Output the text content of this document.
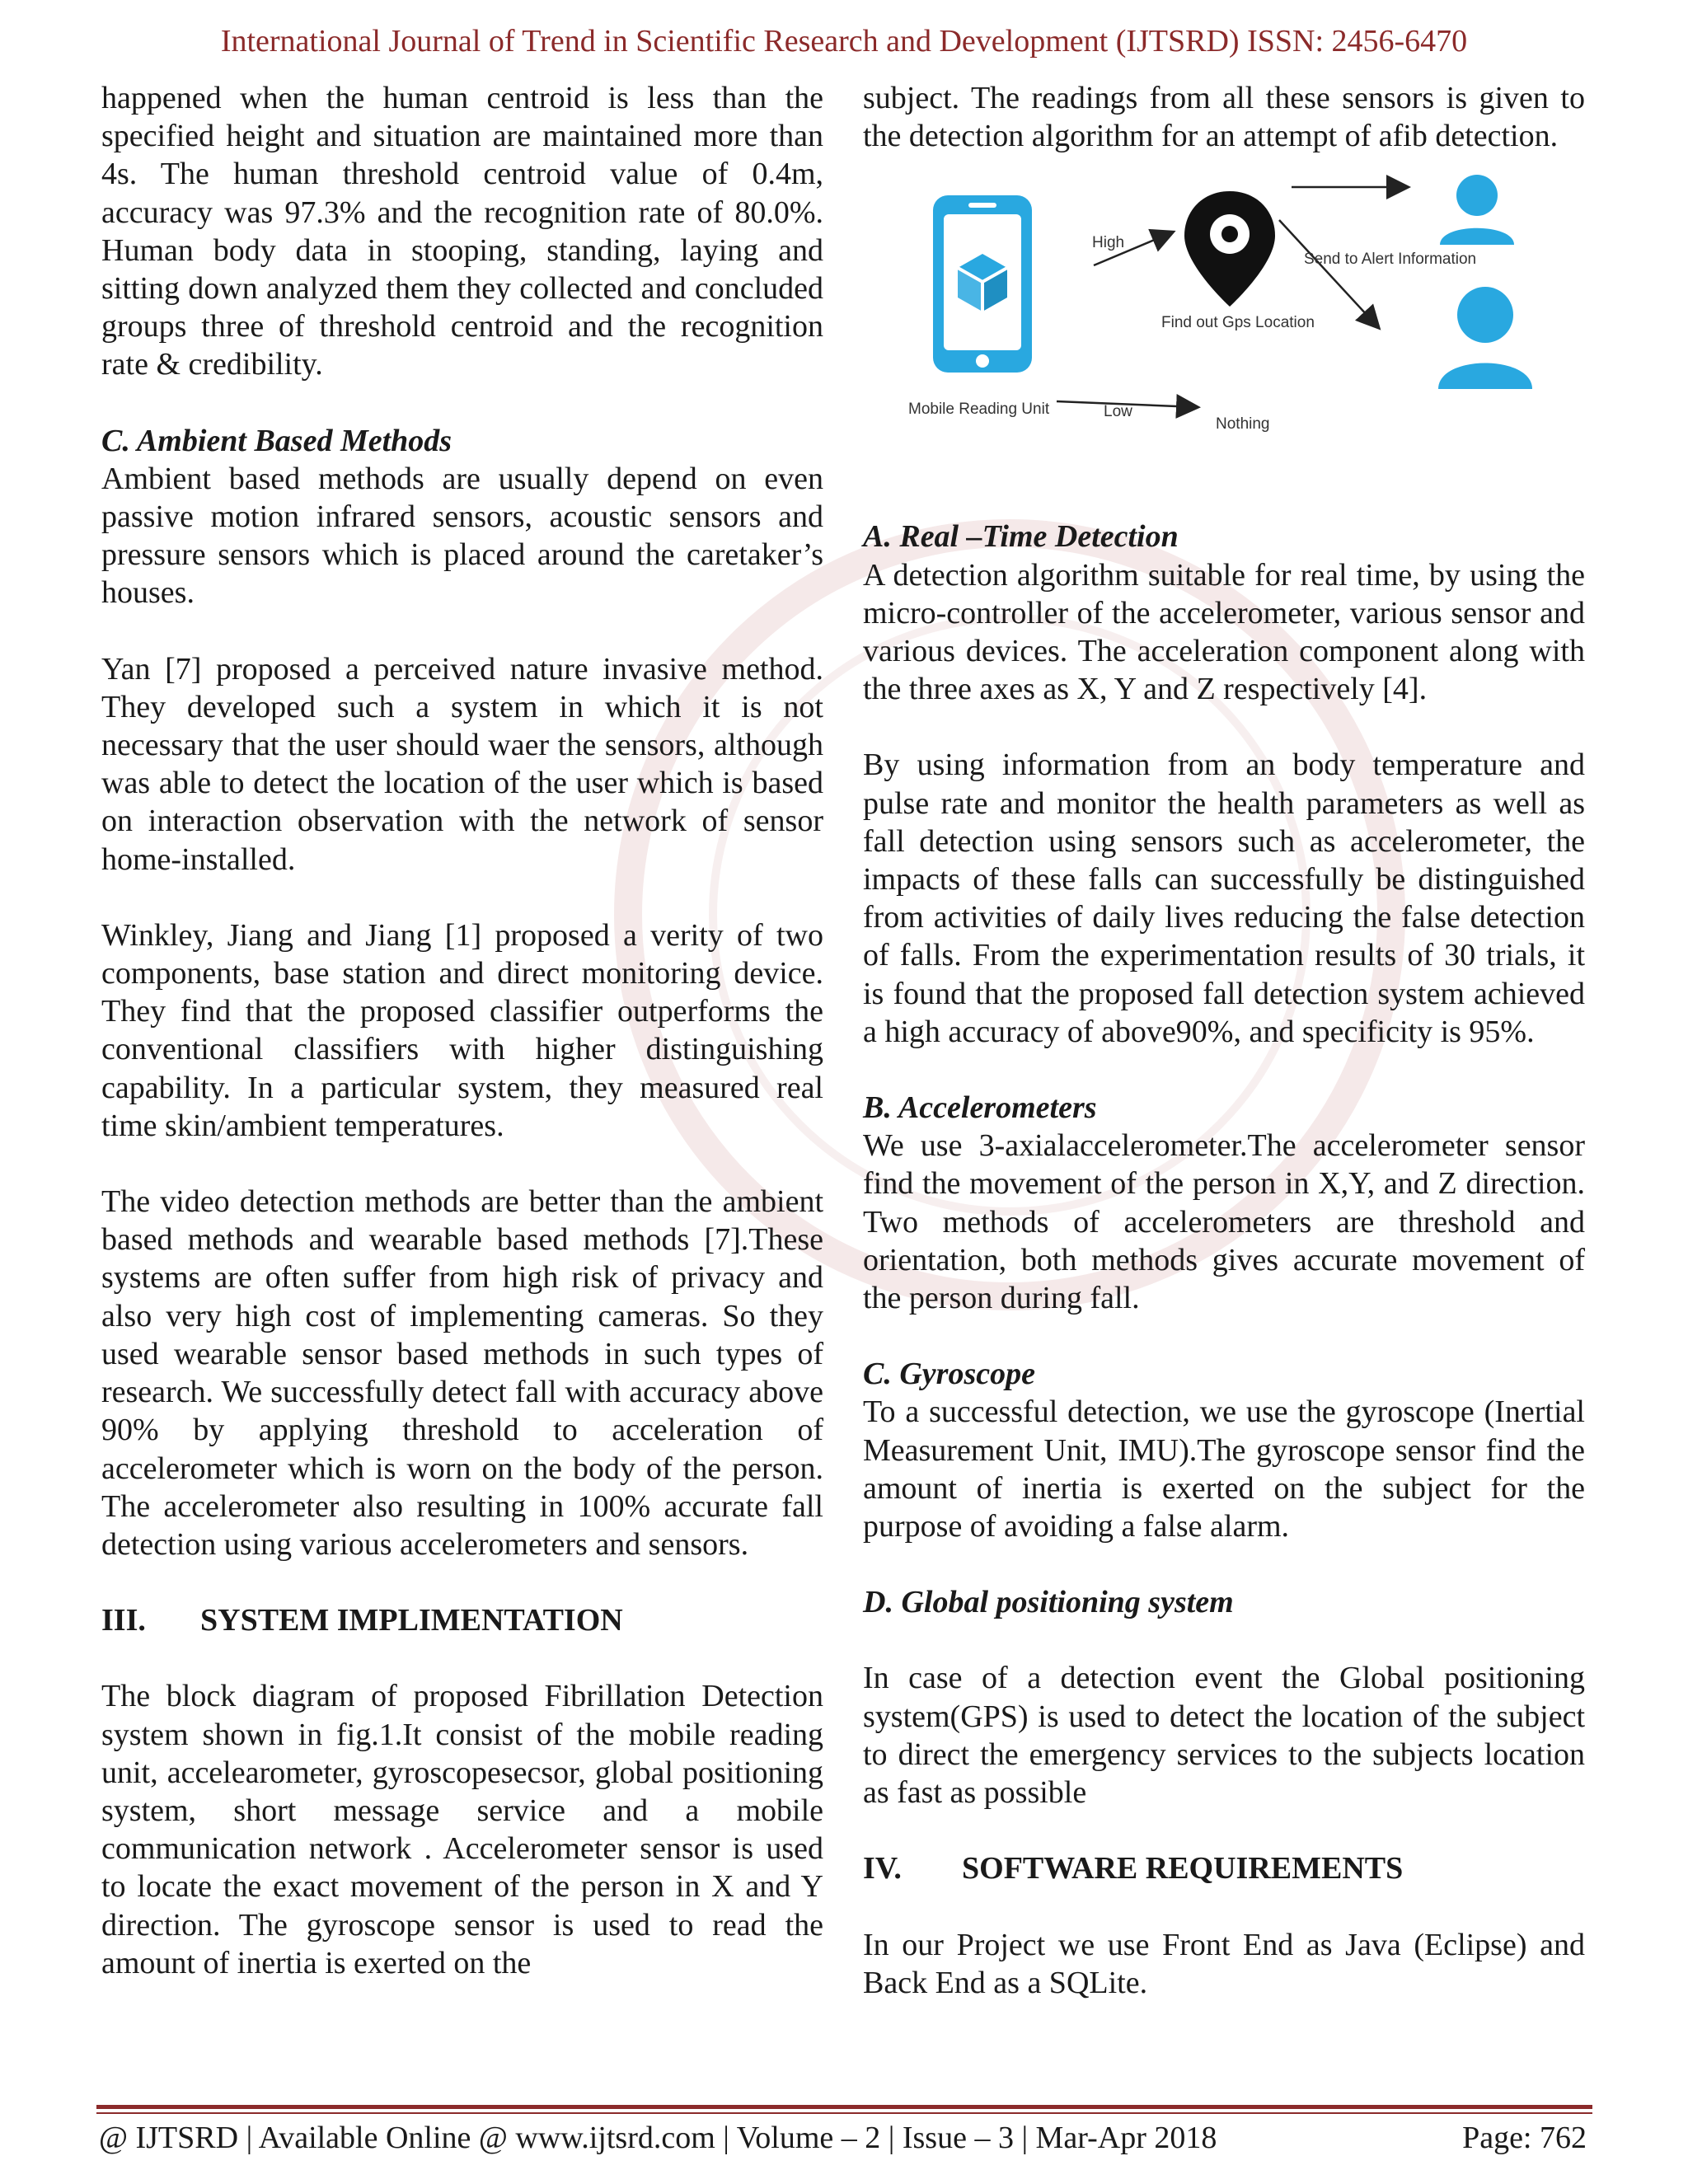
International Journal of Trend in Scientific Research and Development (IJTSRD) ISSN: 2456-6470

happened when the human centroid is less than the specified height and situation are maintained more than 4s. The human threshold centroid value of 0.4m, accuracy was 97.3% and the recognition rate of 80.0%. Human body data in stooping, standing, laying and sitting down analyzed them they collected and concluded groups three of threshold centroid and the recognition rate & credibility.

C. Ambient Based Methods

Ambient based methods are usually depend on even passive motion infrared sensors, acoustic sensors and pressure sensors which is placed around the caretaker’s houses.

Yan [7] proposed a perceived nature invasive method. They developed such a system in which it is not necessary that the user should waer the sensors, although was able to detect the location of the user which is based on interaction observation with the network of sensor home-installed.

Winkley, Jiang and Jiang [1] proposed a verity of two components, base station and direct monitoring device. They find that the proposed classifier outperforms the conventional classifiers with higher distinguishing capability. In a particular system, they measured real time skin/ambient temperatures.

The video detection methods are better than the ambient based methods and wearable based methods [7].These systems are often suffer from high risk of privacy and also very high cost of implementing cameras. So they used wearable sensor based methods in such types of research. We successfully detect fall with accuracy above 90% by applying threshold to acceleration of accelerometer which is worn on the body of the person. The accelerometer also resulting in 100% accurate fall detection using various accelerometers and sensors.

III. SYSTEM IMPLIMENTATION

The block diagram of proposed Fibrillation Detection system shown in fig.1.It consist of the mobile reading unit, accelearometer, gyroscopesecsor, global positioning system, short message service and a mobile communication network . Accelerometer sensor is used to locate the exact movement of the person in X and Y direction. The gyroscope sensor is used to read the amount of inertia is exerted on the

subject. The readings from all these sensors is given to the detection algorithm for an attempt of afib detection.

High
Find out Gps Location
Send to Alert Information
Mobile Reading Unit	Low
Nothing
A. Real –Time Detection

A detection algorithm suitable for real time, by using the micro-controller of the accelerometer, various sensor and various devices. The acceleration component along with the three axes as X, Y and Z respectively [4].

By using information from an body temperature and pulse rate and monitor the health parameters as well as fall detection using sensors such as accelerometer, the impacts of these falls can successfully be distinguished from activities of daily lives reducing the false detection of falls. From the experimentation results of 30 trials, it is found that the proposed fall detection system achieved a high accuracy of above90%, and specificity is 95%.

B. Accelerometers

We use 3-axialaccelerometer.The accelerometer sensor find the movement of the person in X,Y, and Z direction. Two methods of accelerometers are threshold and orientation, both methods gives accurate movement of the person during fall.

C. Gyroscope

To a successful detection, we use the gyroscope (Inertial Measurement Unit, IMU).The gyroscope sensor find the amount of inertia is exerted on the subject for the purpose of avoiding a false alarm.

D. Global positioning system

In case of a detection event the Global positioning system(GPS) is used to detect the location of the subject to direct the emergency services to the subjects location as fast as possible

IV. SOFTWARE REQUIREMENTS

In our Project we use Front End as Java (Eclipse) and Back End as a SQLite.

@ IJTSRD | Available Online @ www.ijtsrd.com | Volume – 2 | Issue – 3 | Mar-Apr 2018	Page: 762
